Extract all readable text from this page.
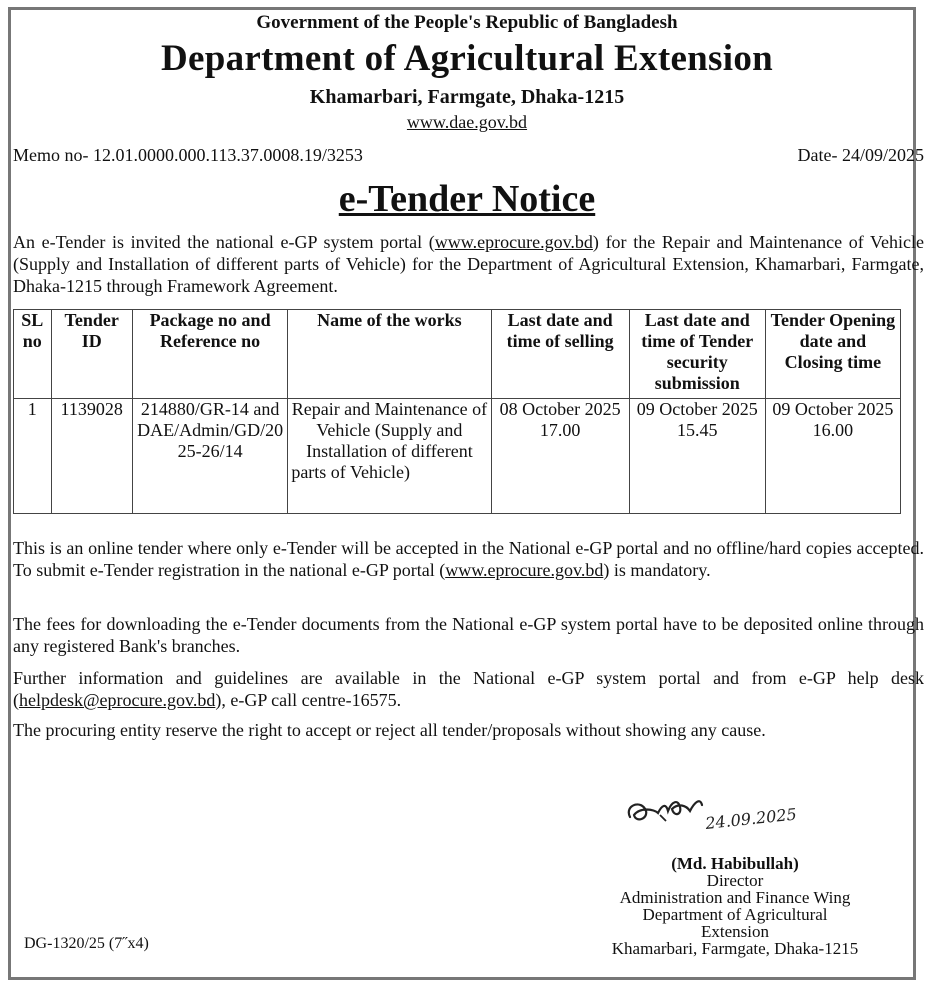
Government of the People's Republic of Bangladesh
Department of Agricultural Extension
Khamarbari, Farmgate, Dhaka-1215
www.dae.gov.bd
Memo no- 12.01.0000.000.113.37.0008.19/3253	Date- 24/09/2025
e-Tender Notice
An e-Tender is invited the national e-GP system portal (www.eprocure.gov.bd) for the Repair and Maintenance of Vehicle (Supply and Installation of different parts of Vehicle) for the Department of Agricultural Extension, Khamarbari, Farmgate, Dhaka-1215 through Framework Agreement.
SL no	Tender ID	Package no and Reference no	Name of the works	Last date and time of selling	Last date and time of Tender security submission	Tender Opening date and Closing time
1	1139028	214880/GR-14 and DAE/Admin/GD/2025-26/14	Repair and Maintenance of Vehicle (Supply and Installation of different parts of Vehicle)	08 October 2025 17.00	09 October 2025 15.45	09 October 2025 16.00
This is an online tender where only e-Tender will be accepted in the National e-GP portal and no offline/hard copies accepted. To submit e-Tender registration in the national e-GP portal (www.eprocure.gov.bd) is mandatory.
The fees for downloading the e-Tender documents from the National e-GP system portal have to be deposited online through any registered Bank's branches.
Further information and guidelines are available in the National e-GP system portal and from e-GP help desk (helpdesk@eprocure.gov.bd), e-GP call centre-16575.
The procuring entity reserve the right to accept or reject all tender/proposals without showing any cause.
24.09.2025
(Md. Habibullah)
Director
Administration and Finance Wing
Department of Agricultural Extension
Khamarbari, Farmgate, Dhaka-1215
DG-1320/25 (7˝x4)
